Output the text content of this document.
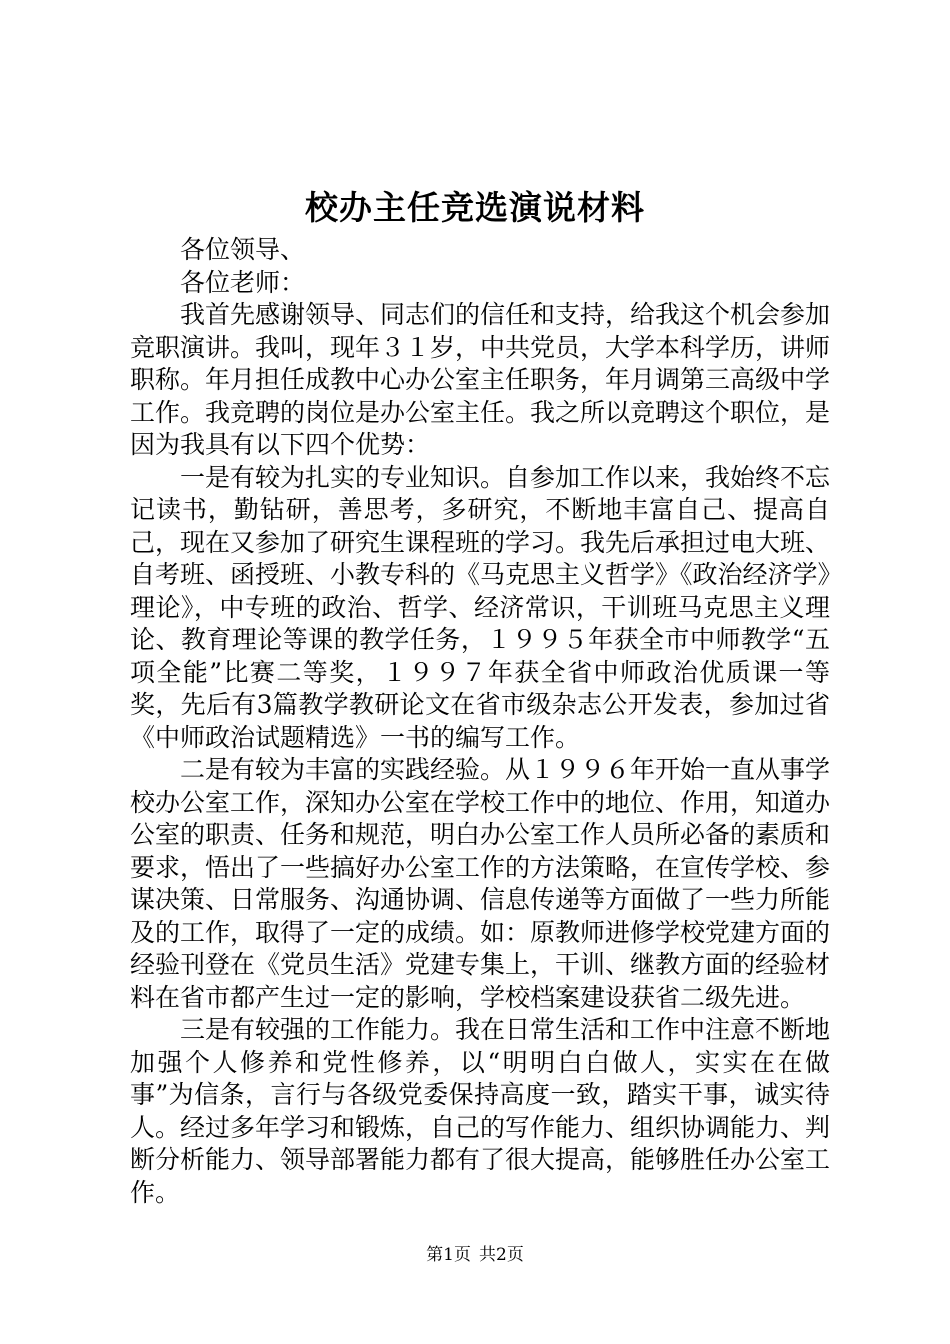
校办主任竞选演说材料

各位领导、

各位老师：

我首先感谢领导、同志们的信任和支持，给我这个机会参加竞职演讲。我叫，现年３１岁，中共党员，大学本科学历，讲师职称。年月担任成教中心办公室主任职务，年月调第三高级中学工作。我竞聘的岗位是办公室主任。我之所以竞聘这个职位，是因为我具有以下四个优势：

一是有较为扎实的专业知识。自参加工作以来，我始终不忘记读书，勤钻研，善思考，多研究，不断地丰富自己、提高自己，现在又参加了研究生课程班的学习。我先后承担过电大班、自考班、函授班、小教专科的《马克思主义哲学》《政治经济学》理论》，中专班的政治、哲学、经济常识，干训班马克思主义理论、教育理论等课的教学任务，１９９５年获全市中师教学“五项全能”比赛二等奖，１９９７年获全省中师政治优质课一等奖，先后有3篇教学教研论文在省市级杂志公开发表，参加过省《中师政治试题精选》一书的编写工作。

二是有较为丰富的实践经验。从１９９６年开始一直从事学校办公室工作，深知办公室在学校工作中的地位、作用，知道办公室的职责、任务和规范，明白办公室工作人员所必备的素质和要求，悟出了一些搞好办公室工作的方法策略，在宣传学校、参谋决策、日常服务、沟通协调、信息传递等方面做了一些力所能及的工作，取得了一定的成绩。如：原教师进修学校党建方面的经验刊登在《党员生活》党建专集上，干训、继教方面的经验材料在省市都产生过一定的影响，学校档案建设获省二级先进。

三是有较强的工作能力。我在日常生活和工作中注意不断地加强个人修养和党性修养，以“明明白白做人，实实在在做事”为信条，言行与各级党委保持高度一致，踏实干事，诚实待人。经过多年学习和锻炼，自己的写作能力、组织协调能力、判断分析能力、领导部署能力都有了很大提高，能够胜任办公室工作。

第1页 共2页
